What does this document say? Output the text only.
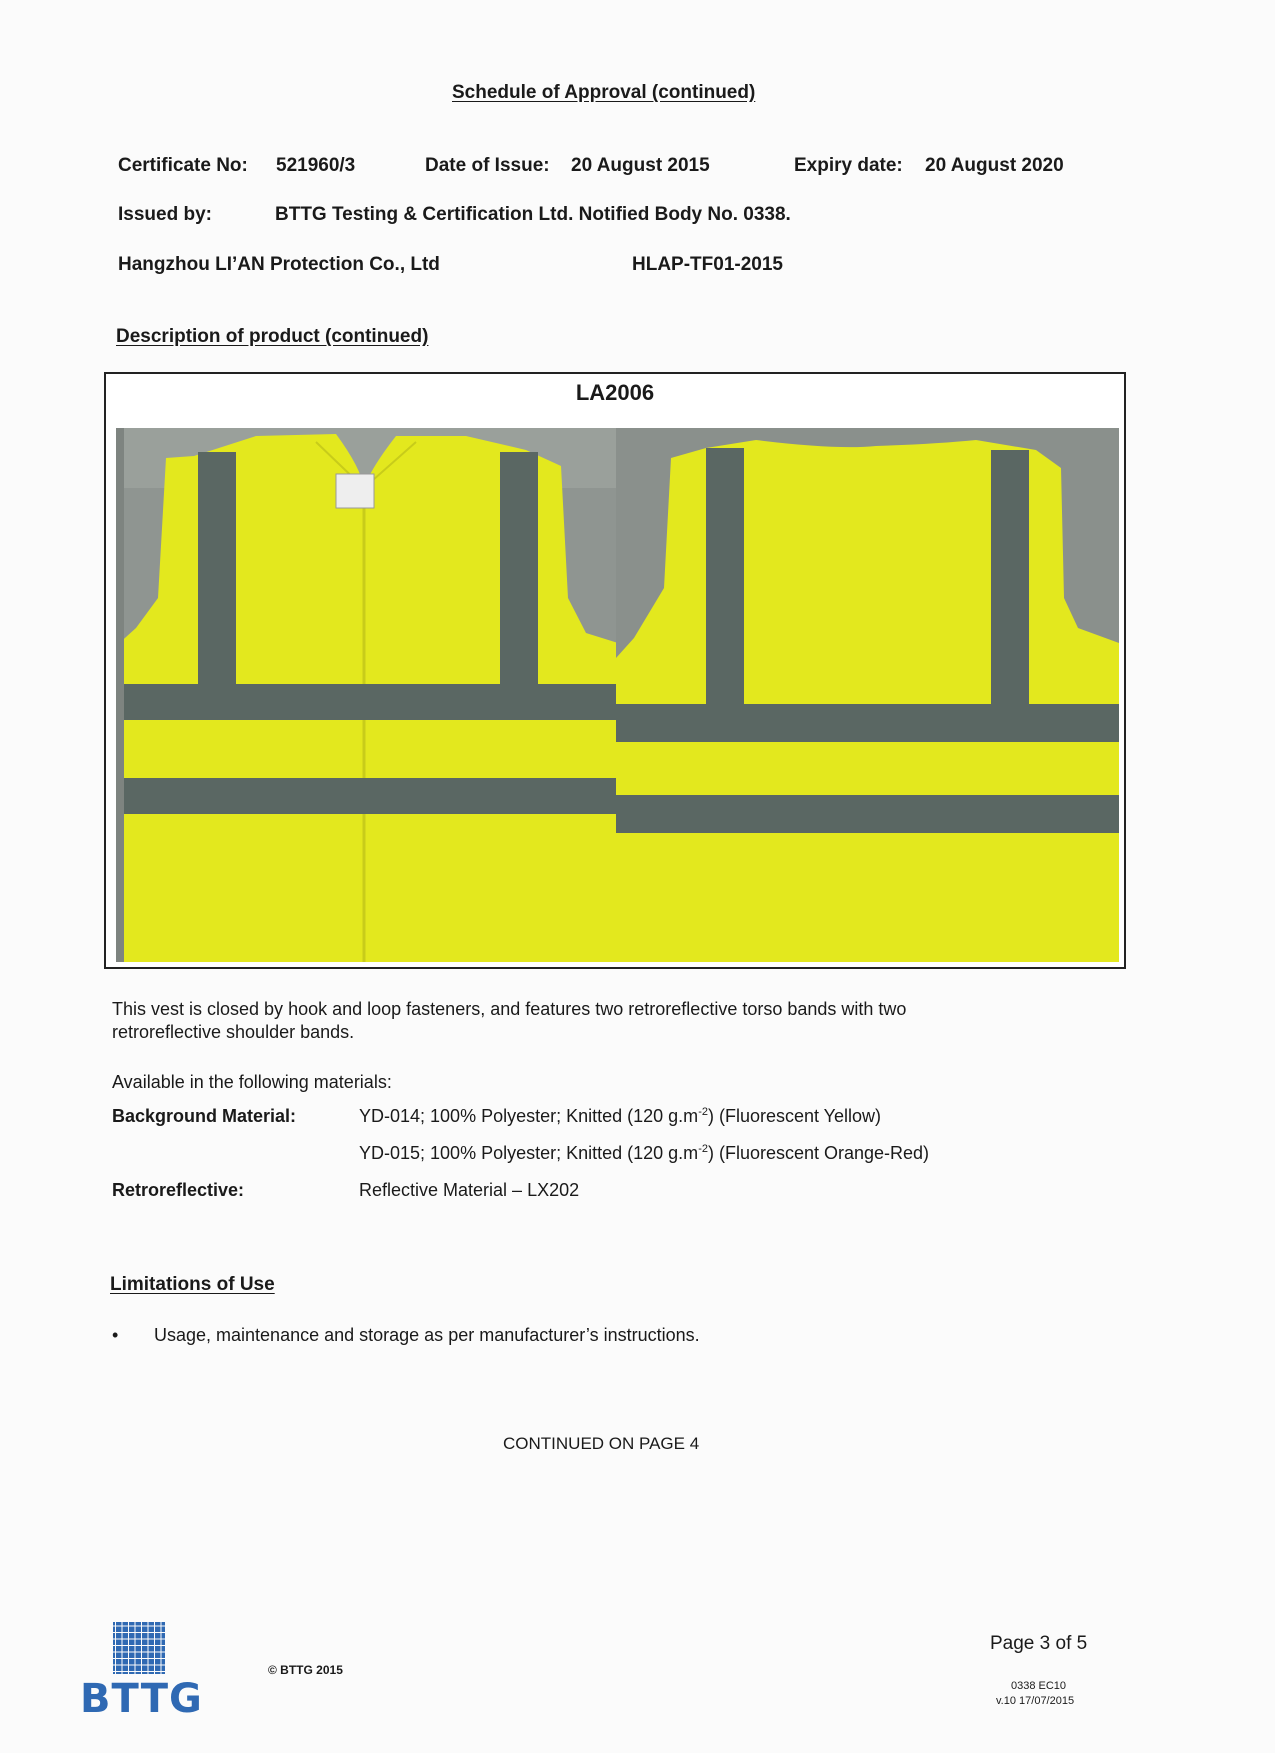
Schedule of Approval (continued)
Certificate No: 521960/3	Date of Issue: 20 August 2015	Expiry date: 20 August 2020
Issued by:	BTTG Testing & Certification Ltd. Notified Body No. 0338.
Hangzhou LI’AN Protection Co., Ltd	HLAP-TF01-2015
Description of product (continued)
LA2006
This vest is closed by hook and loop fasteners, and features two retroreflective torso bands with two
retroreflective shoulder bands.
Available in the following materials:
Background Material:	YD-014; 100% Polyester; Knitted (120 $g.m^{-2}$) (Fluorescent Yellow)
YD-015; 100% Polyester; Knitted (120 $g.m^{-2}$) (Fluorescent Orange-Red)
Retroreflective:	Reflective Material – LX202
Limitations of Use
• Usage, maintenance and storage as per manufacturer’s instructions.
CONTINUED ON PAGE 4
BTTG
© BTTG 2015
Page 3 of 5
0338 EC10
v.10 17/07/2015
